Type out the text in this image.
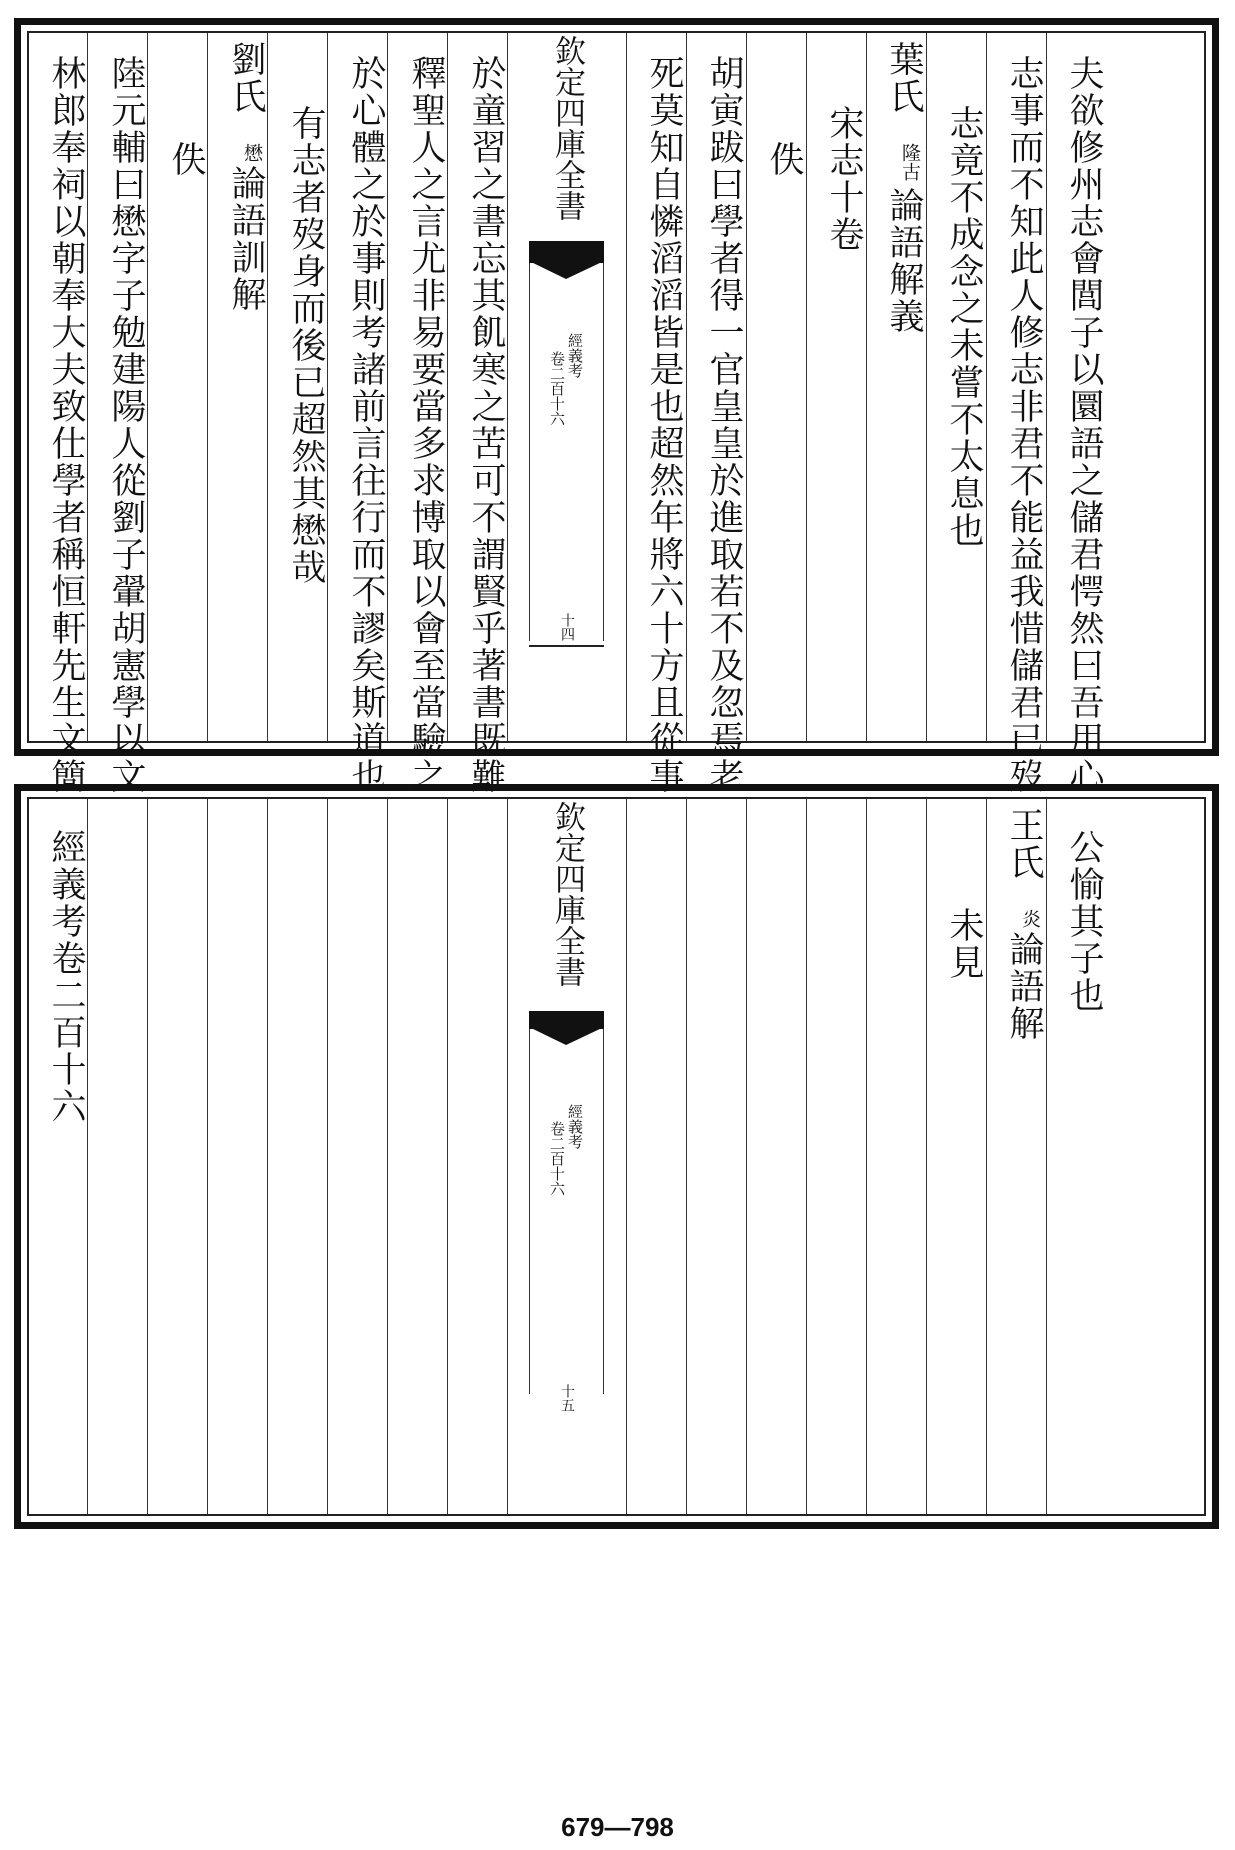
欽定四庫全書
經義考
卷二百十六
十四	夫欲修州志會閭子以圜語之儲君愕然曰吾用心
志事而不知此人修志非君不能益我惜儲君已歿
志竟不成念之未嘗不太息也
葉氏
隆古
論語解義
宋志十卷
佚
胡寅跋曰學者得一官皇皇於進取若不及忽焉老
死莫知自憐滔滔皆是也超然年將六十方且從事
於童習之書忘其飢寒之苦可不謂賢乎著書既難
釋聖人之言尤非易要當多求博取以會至當驗之
於心體之於事則考諸前言往行而不謬矣斯道也
有志者歿身而後已超然其懋哉
劉氏
懋
論語訓解
佚
陸元輔曰懋字子勉建陽人從劉子翬胡憲學以文
林郎奉祠以朝奉大夫致仕學者稱恒軒先生文簡
欽定四庫全書
經義考
卷二百十六
十五
公愉其子也
王氏
炎
論語解
未見
經義考卷二百十六
679—798
